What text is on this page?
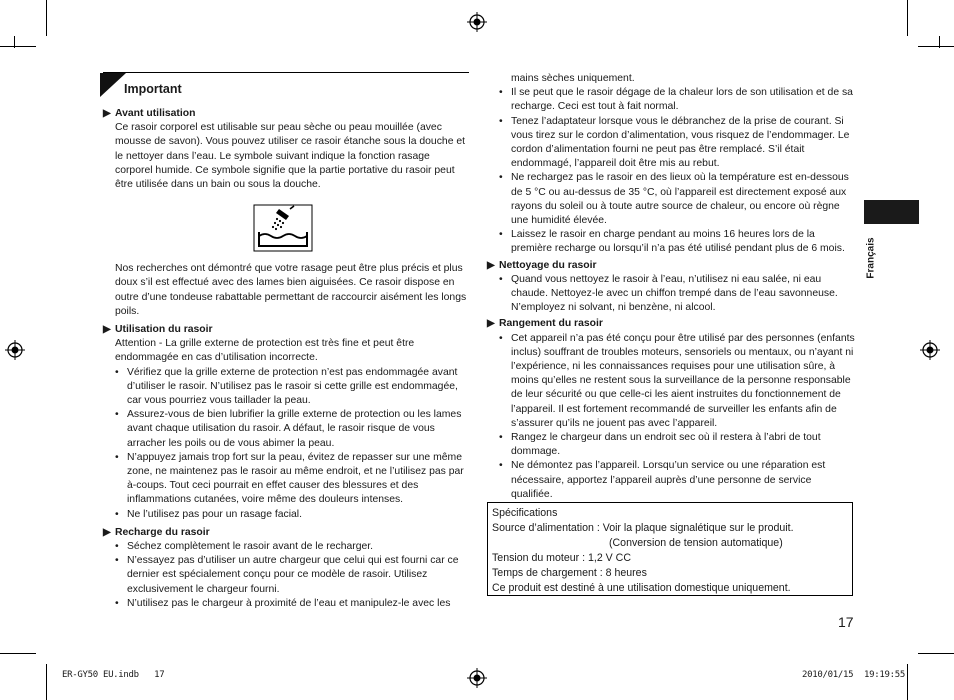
Important
▶ Avant utilisation
Ce rasoir corporel est utilisable sur peau sèche ou peau mouillée (avec mousse de savon). Vous pouvez utiliser ce rasoir étanche sous la douche et le nettoyer dans l’eau. Le symbole suivant indique la fonction rasage corporel humide. Ce symbole signifie que la partie portative du rasoir peut être utilisée dans un bain ou sous la douche.
Nos recherches ont démontré que votre rasage peut être plus précis et plus doux s’il est effectué avec des lames bien aiguisées. Ce rasoir dispose en outre d’une tondeuse rabattable permettant de raccourcir aisément les longs poils.
▶ Utilisation du rasoir
Attention - La grille externe de protection est très fine et peut être endommagée en cas d’utilisation incorrecte.
• Vérifiez que la grille externe de protection n’est pas endommagée avant d’utiliser le rasoir. N’utilisez pas le rasoir si cette grille est endommagée, car vous pourriez vous taillader la peau.
• Assurez-vous de bien lubrifier la grille externe de protection ou les lames avant chaque utilisation du rasoir. A défaut, le rasoir risque de vous arracher les poils ou de vous abimer la peau.
• N’appuyez jamais trop fort sur la peau, évitez de repasser sur une même zone, ne maintenez pas le rasoir au même endroit, et ne l’utilisez pas par à-coups. Tout ceci pourrait en effet causer des blessures et des inflammations cutanées, voire même des douleurs intenses.
• Ne l’utilisez pas pour un rasage facial.
▶ Recharge du rasoir
• Séchez complètement le rasoir avant de le recharger.
• N’essayez pas d’utiliser un autre chargeur que celui qui est fourni car ce dernier est spécialement conçu pour ce modèle de rasoir. Utilisez exclusivement le chargeur fourni.
• N’utilisez pas le chargeur à proximité de l’eau et manipulez-le avec les
mains sèches uniquement.
• Il se peut que le rasoir dégage de la chaleur lors de son utilisation et de sa recharge. Ceci est tout à fait normal.
• Tenez l’adaptateur lorsque vous le débranchez de la prise de courant. Si vous tirez sur le cordon d’alimentation, vous risquez de l’endommager. Le cordon d’alimentation fourni ne peut pas être remplacé. S’il était endommagé, l’appareil doit être mis au rebut.
• Ne rechargez pas le rasoir en des lieux où la température est en-dessous de 5 °C ou au-dessus de 35 °C, où l’appareil est directement exposé aux rayons du soleil ou à toute autre source de chaleur, ou encore où règne une humidité élevée.
• Laissez le rasoir en charge pendant au moins 16 heures lors de la première recharge ou lorsqu’il n’a pas été utilisé pendant plus de 6 mois.
▶ Nettoyage du rasoir
• Quand vous nettoyez le rasoir à l’eau, n’utilisez ni eau salée, ni eau chaude. Nettoyez-le avec un chiffon trempé dans de l’eau savonneuse. N’employez ni solvant, ni benzène, ni alcool.
▶ Rangement du rasoir
• Cet appareil n’a pas été conçu pour être utilisé par des personnes (enfants inclus) souffrant de troubles moteurs, sensoriels ou mentaux, ou n’ayant ni l’expérience, ni les connaissances requises pour une utilisation sûre, à moins qu’elles ne restent sous la surveillance de la personne responsable de leur sécurité ou que celle-ci les aient instruites du fonctionnement de l’appareil. Il est fortement recommandé de surveiller les enfants afin de s’assurer qu’ils ne jouent pas avec l’appareil.
• Rangez le chargeur dans un endroit sec où il restera à l’abri de tout dommage.
• Ne démontez pas l’appareil. Lorsqu’un service ou une réparation est nécessaire, apportez l’appareil auprès d’une personne de service qualifiée.
Spécifications
Source d’alimentation : Voir la plaque signalétique sur le produit.
(Conversion de tension automatique)
Tension du moteur : 1,2 V CC
Temps de chargement : 8 heures
Ce produit est destiné à une utilisation domestique uniquement.
Français
17
ER-GY50 EU.indb   17	2010/01/15 19:19:55
